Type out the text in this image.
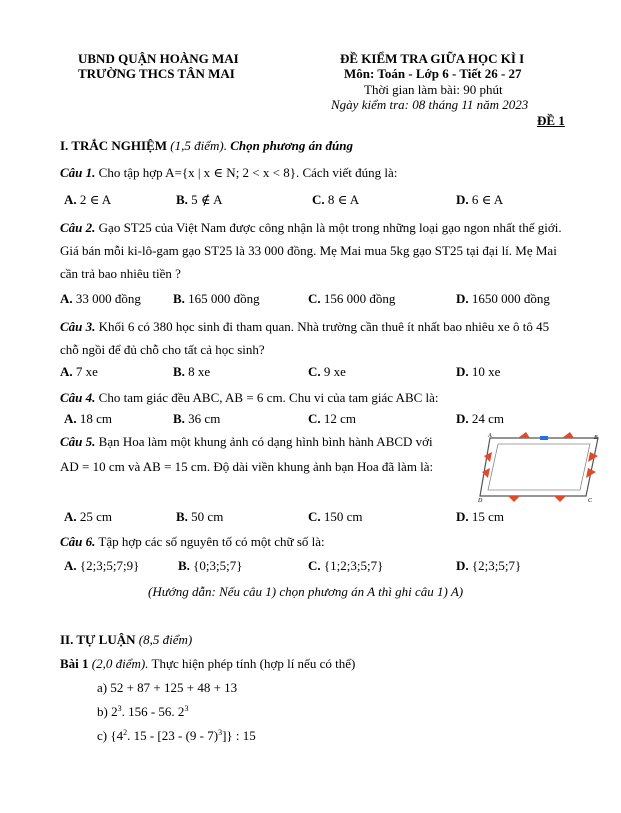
UBND QUẬN HOÀNG MAI
TRƯỜNG THCS TÂN MAI
ĐỀ KIỂM TRA GIỮA HỌC KÌ I
Môn: Toán - Lớp 6 - Tiết 26 - 27
Thời gian làm bài: 90 phút
Ngày kiểm tra: 08 tháng 11 năm 2023
ĐỀ 1
I. TRẮC NGHIỆM (1,5 điểm). Chọn phương án đúng
Câu 1. Cho tập hợp A={x | x ∈ N; 2 < x < 8}. Cách viết đúng là:
A. 2 ∈ A	B. 5 ∉ A	C. 8 ∈ A	D. 6 ∈ A
Câu 2. Gạo ST25 của Việt Nam được công nhận là một trong những loại gạo ngon nhất thế giới. Giá bán mỗi ki-lô-gam gạo ST25 là 33 000 đồng. Mẹ Mai mua 5kg gạo ST25 tại đại lí. Mẹ Mai cần trả bao nhiêu tiền ?
A. 33 000 đồng B. 165 000 đồng	C. 156 000 đồng	D. 1650 000 đồng
Câu 3. Khối 6 có 380 học sinh đi tham quan. Nhà trường cần thuê ít nhất bao nhiêu xe ô tô 45 chỗ ngồi để đủ chỗ cho tất cả học sinh?
A. 7 xe	B. 8 xe	C. 9 xe	D. 10 xe
Câu 4. Cho tam giác đều ABC, AB = 6 cm. Chu vi của tam giác ABC là:
A. 18 cm	B. 36 cm	C. 12 cm	D. 24 cm
Câu 5. Bạn Hoa làm một khung ảnh có dạng hình bình hành ABCD với
AD = 10 cm và AB = 15 cm. Độ dài viền khung ảnh bạn Hoa đã làm là:
A	B
C
D
A. 25 cm	B. 50 cm	C. 150 cm	D. 15 cm
Câu 6. Tập hợp các số nguyên tố có một chữ số là:
A. {2;3;5;7;9}	B. {0;3;5;7}	C. {1;2;3;5;7}	D. {2;3;5;7}
(Hướng dẫn: Nếu câu 1) chọn phương án A thì ghi câu 1) A)
II. TỰ LUẬN (8,5 điểm)
Bài 1 (2,0 điểm). Thực hiện phép tính (hợp lí nếu có thể)
a) 52 + 87 + 125 + 48 + 13
b) $2^3$. 156 - 56. $2^3$
c) {$4^2$. 15 - [23 - (9 - 7)$^3$]} : 15
